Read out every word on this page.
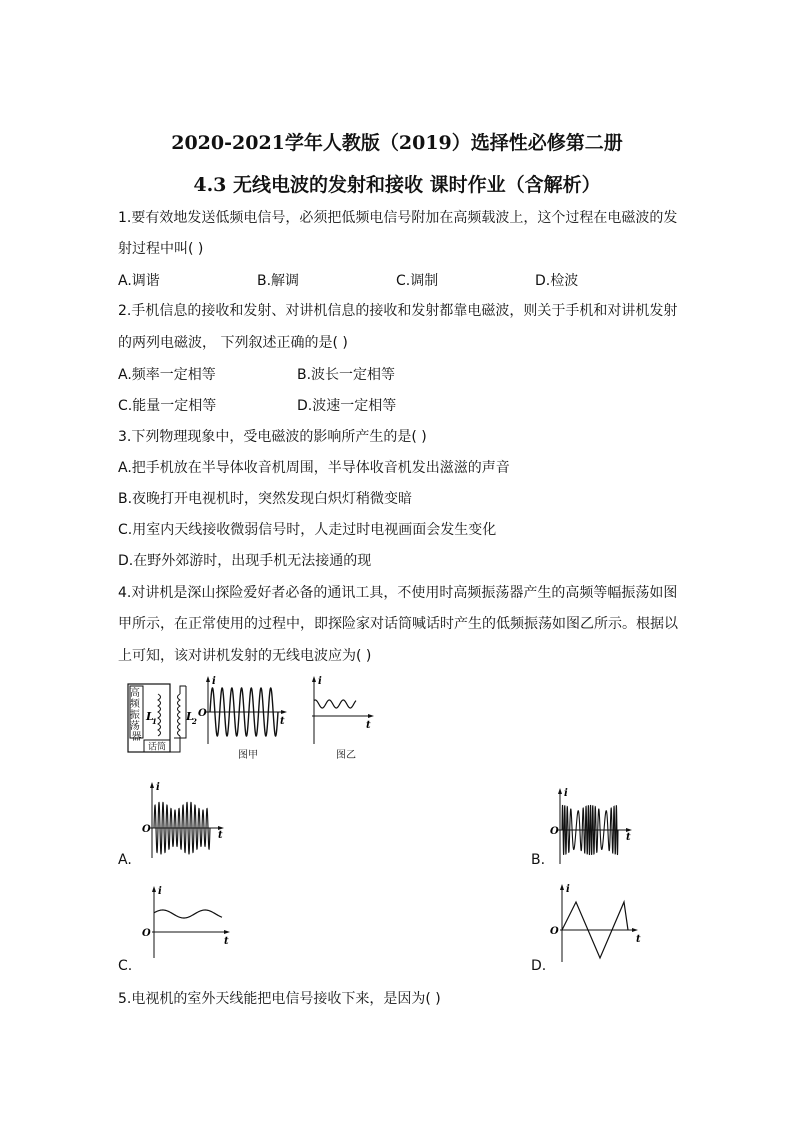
2020-2021学年人教版（2019）选择性必修第二册
4.3 无线电波的发射和接收 课时作业（含解析）
1.要有效地发送低频电信号，必须把低频电信号附加在高频载波上，这个过程在电磁波的发
射过程中叫( )
A.调谐	B.解调	C.调制	D.检波
2.手机信息的接收和发射、对讲机信息的接收和发射都靠电磁波，则关于手机和对讲机发射
的两列电磁波， 下列叙述正确的是( )
A.频率一定相等	B.波长一定相等
C.能量一定相等	D.波速一定相等
3.下列物理现象中，受电磁波的影响所产生的是( )
A.把手机放在半导体收音机周围，半导体收音机发出滋滋的声音
B.夜晚打开电视机时，突然发现白炽灯稍微变暗
C.用室内天线接收微弱信号时，人走过时电视画面会发生变化
D.在野外郊游时，出现手机无法接通的现
4.对讲机是深山探险爱好者必备的通讯工具，不使用时高频振荡器产生的高频等幅振荡如图
甲所示，在正常使用的过程中，即探险家对话筒喊话时产生的低频振荡如图乙所示。根据以
上可知，该对讲机发射的无线电波应为( )
高 频 振 荡 器
L
1	L
2
话筒
i
O
t
图甲
i
t
图乙
i
O
t
A.
i
O
t
B.
i
O
t
C.
i
O
t
D.
5.电视机的室外天线能把电信号接收下来，是因为( )
